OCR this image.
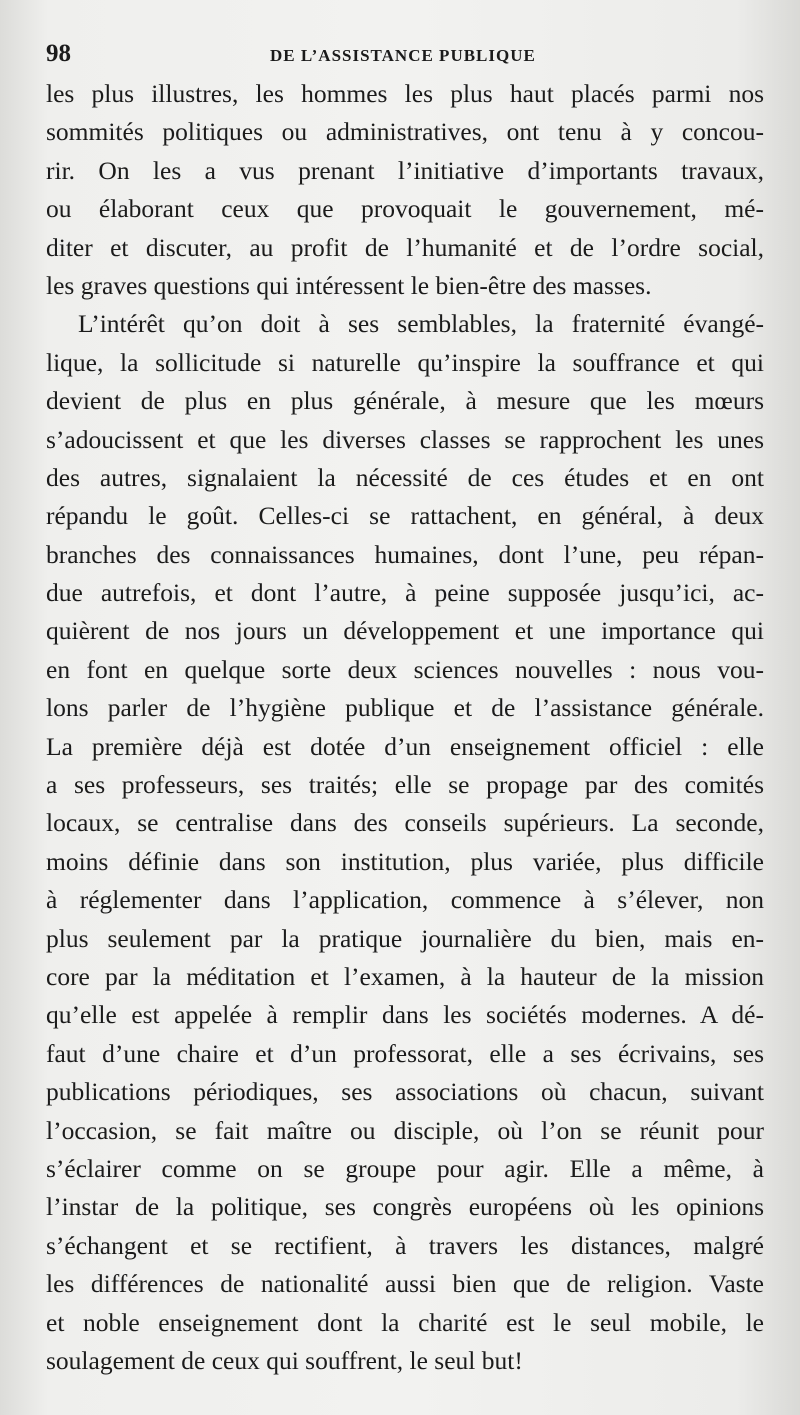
98	DE L’ASSISTANCE PUBLIQUE
les plus illustres, les hommes les plus haut placés parmi nos
sommités politiques ou administratives, ont tenu à y concou-
rir. On les a vus prenant l’initiative d’importants travaux,
ou élaborant ceux que provoquait le gouvernement, mé-
diter et discuter, au profit de l’humanité et de l’ordre social,
les graves questions qui intéressent le bien-être des masses.
L’intérêt qu’on doit à ses semblables, la fraternité évangé-
lique, la sollicitude si naturelle qu’inspire la souffrance et qui
devient de plus en plus générale, à mesure que les mœurs
s’adoucissent et que les diverses classes se rapprochent les unes
des autres, signalaient la nécessité de ces études et en ont
répandu le goût. Celles-ci se rattachent, en général, à deux
branches des connaissances humaines, dont l’une, peu répan-
due autrefois, et dont l’autre, à peine supposée jusqu’ici, ac-
quièrent de nos jours un développement et une importance qui
en font en quelque sorte deux sciences nouvelles : nous vou-
lons parler de l’hygiène publique et de l’assistance générale.
La première déjà est dotée d’un enseignement officiel : elle
a ses professeurs, ses traités; elle se propage par des comités
locaux, se centralise dans des conseils supérieurs. La seconde,
moins définie dans son institution, plus variée, plus difficile
à réglementer dans l’application, commence à s’élever, non
plus seulement par la pratique journalière du bien, mais en-
core par la méditation et l’examen, à la hauteur de la mission
qu’elle est appelée à remplir dans les sociétés modernes. A dé-
faut d’une chaire et d’un professorat, elle a ses écrivains, ses
publications périodiques, ses associations où chacun, suivant
l’occasion, se fait maître ou disciple, où l’on se réunit pour
s’éclairer comme on se groupe pour agir. Elle a même, à
l’instar de la politique, ses congrès européens où les opinions
s’échangent et se rectifient, à travers les distances, malgré
les différences de nationalité aussi bien que de religion. Vaste
et noble enseignement dont la charité est le seul mobile, le
soulagement de ceux qui souffrent, le seul but!
